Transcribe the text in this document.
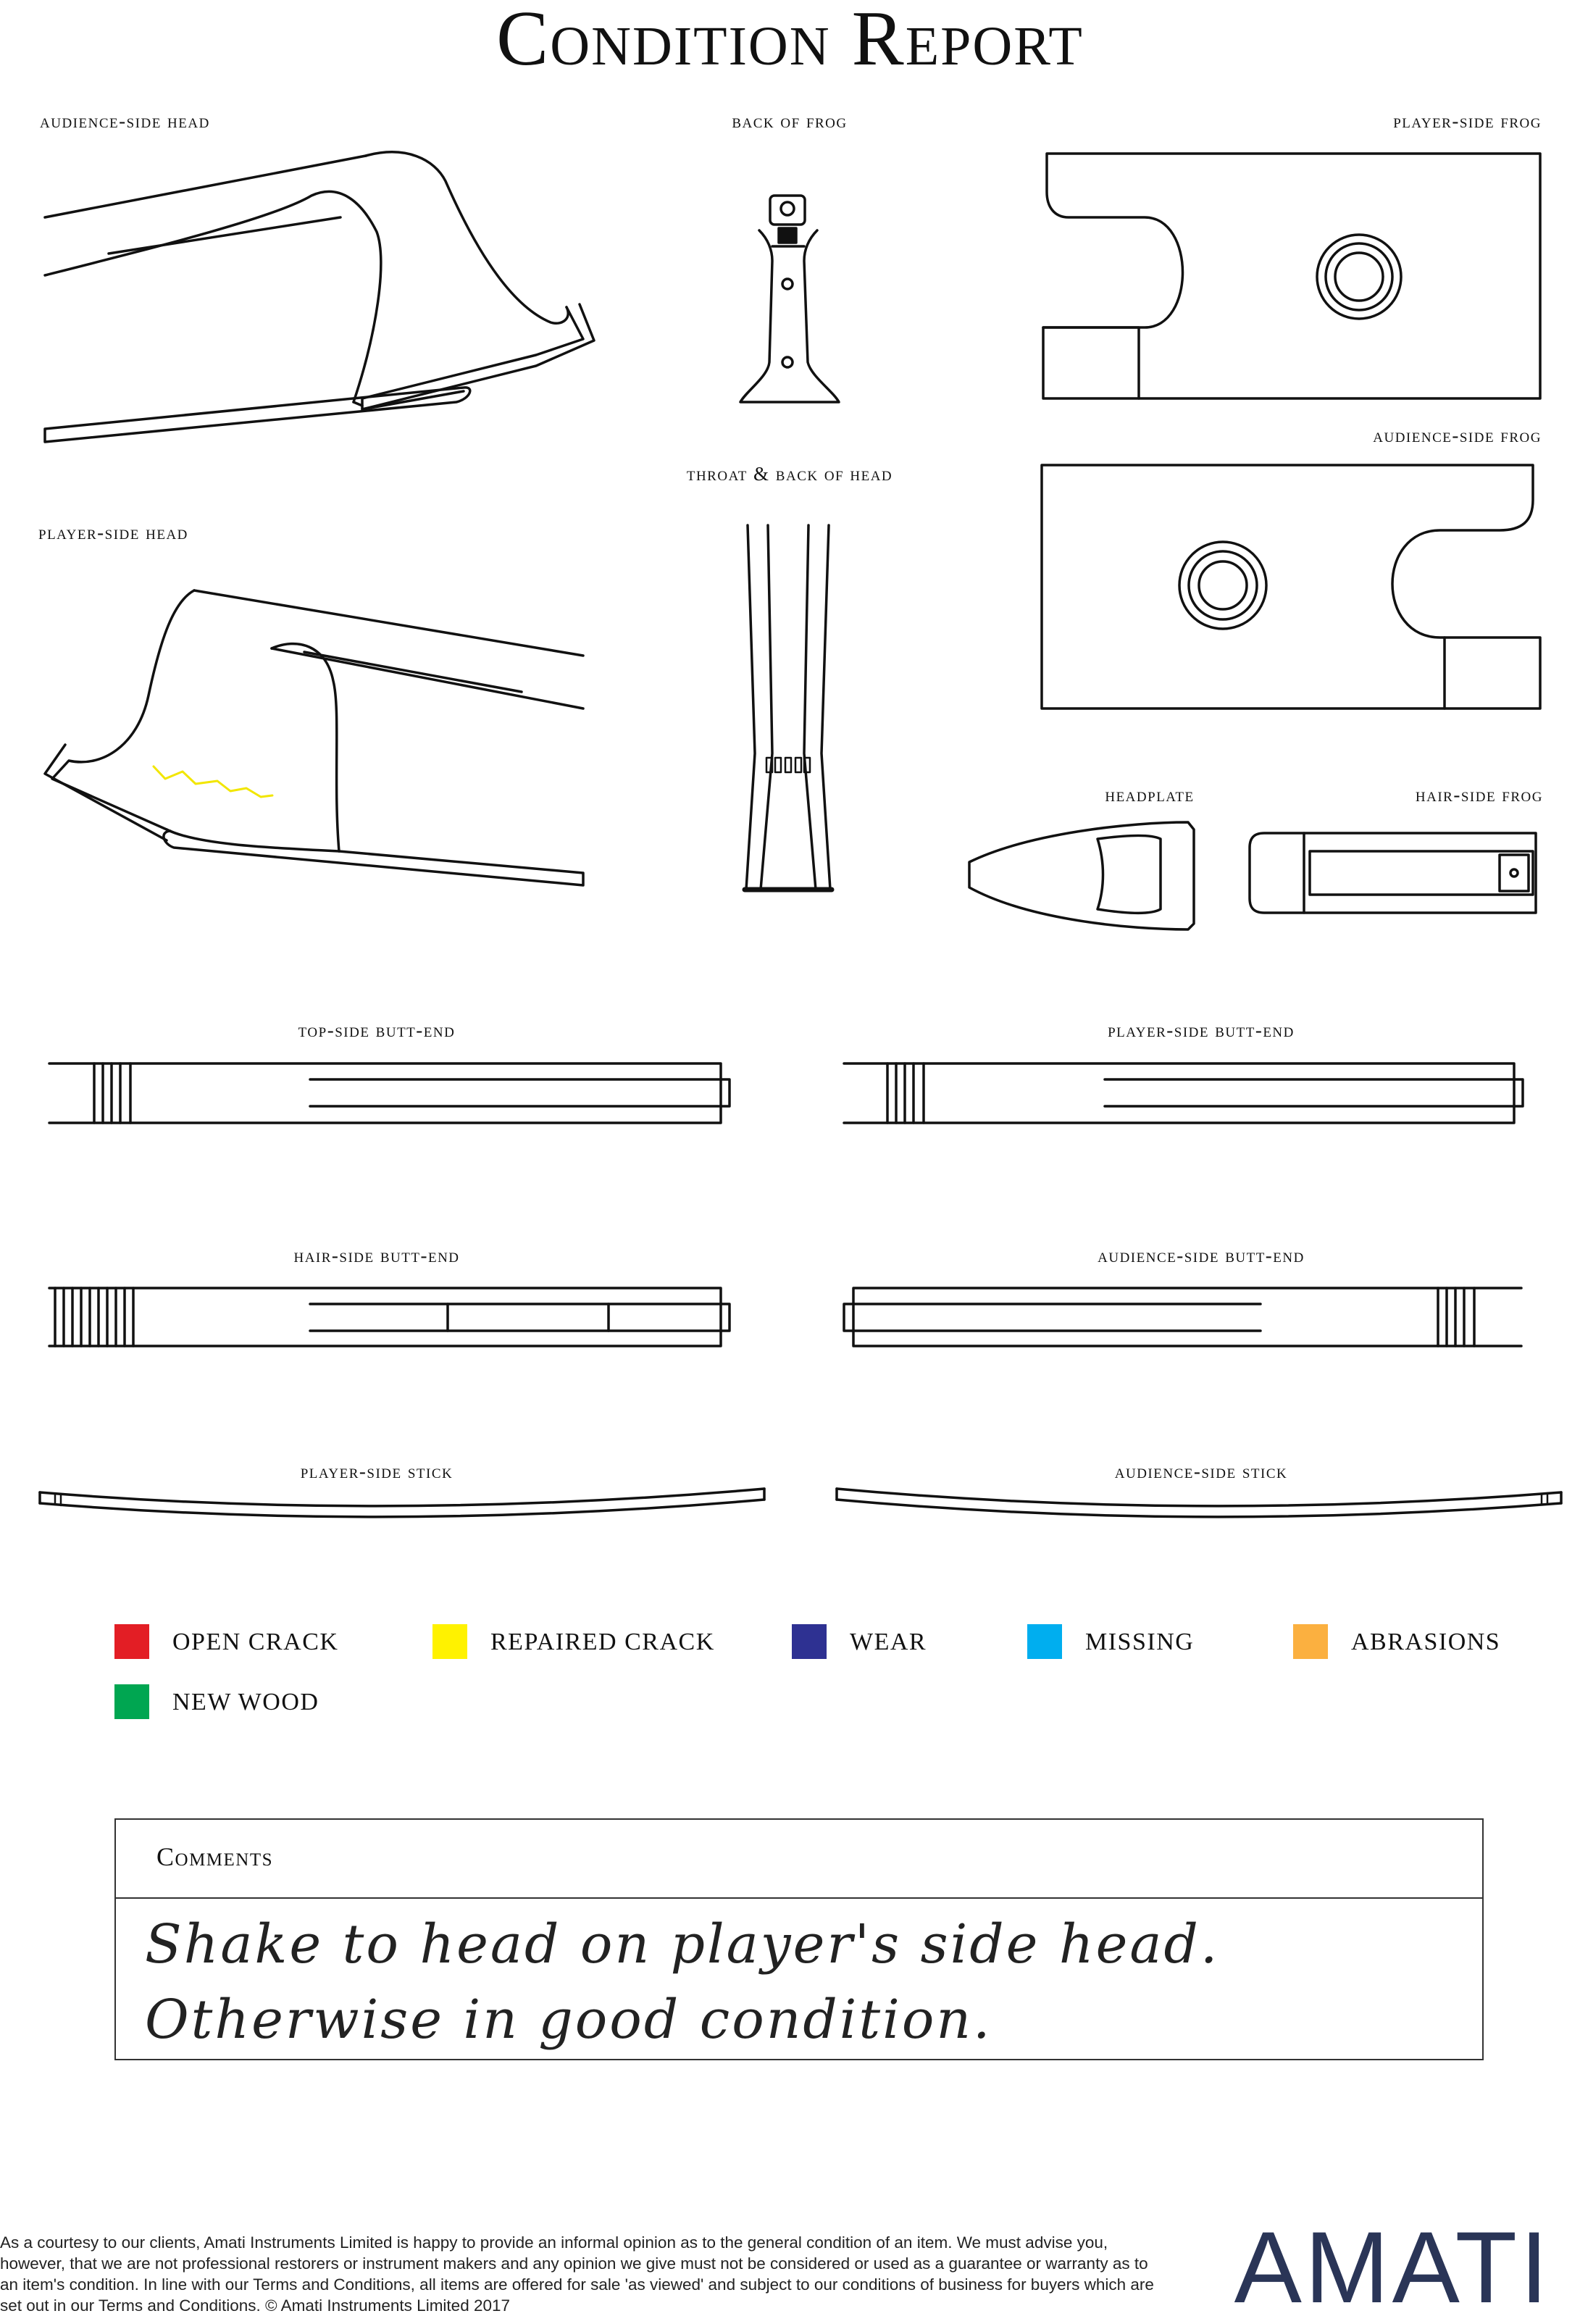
Condition Report
audience-side head	back of frog	player-side frog
audience-side frog
throat & back of head
player-side head
headplate	hair-side frog
top-side butt-end	player-side butt-end
hair-side butt-end	audience-side butt-end
player-side stick	audience-side stick
OPEN CRACK	REPAIRED CRACK	WEAR	MISSING	ABRASIONS
NEW WOOD
Comments
Shake to head on player's side head. Otherwise in good condition.
As a courtesy to our clients, Amati Instruments Limited is happy to provide an informal opinion as to the general condition of an item. We must advise you, however, that we are not professional restorers or instrument makers and any opinion we give must not be considered or used as a guarantee or warranty as to an item's condition. In line with our Terms and Conditions, all items are offered for sale 'as viewed' and subject to our conditions of business for buyers which are set out in our Terms and Conditions. © Amati Instruments Limited 2017	AMATI
